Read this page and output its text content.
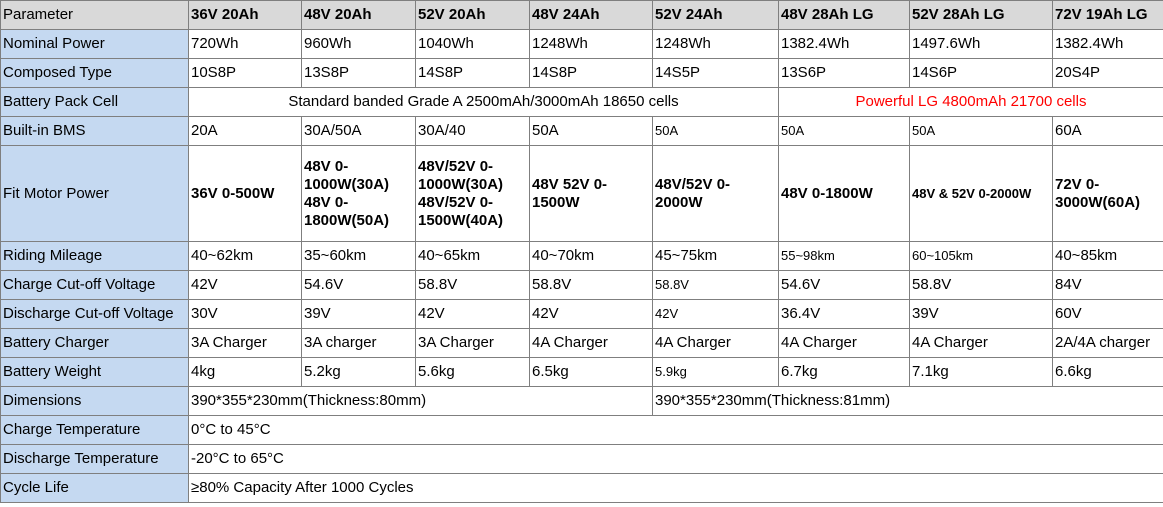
Parameter	36V 20Ah	48V 20Ah	52V 20Ah	48V 24Ah	52V 24Ah	48V 28Ah LG	52V 28Ah LG	72V 19Ah LG
Nominal Power	720Wh	960Wh	1040Wh	1248Wh	1248Wh	1382.4Wh	1497.6Wh	1382.4Wh
Composed Type	10S8P	13S8P	14S8P	14S8P	14S5P	13S6P	14S6P	20S4P
Battery Pack Cell	Standard banded Grade A 2500mAh/3000mAh 18650 cells					Powerful LG 4800mAh 21700 cells		
Built-in BMS	20A	30A/50A	30A/40	50A	50A	50A	50A	60A
Fit Motor Power	36V 0-500W	48V 0-1000W(30A) 48V 0-1800W(50A)	48V/52V 0-1000W(30A) 48V/52V 0-1500W(40A)	48V 52V 0-1500W	48V/52V 0-2000W	48V 0-1800W	48V & 52V 0-2000W	72V 0-3000W(60A)
Riding Mileage	40~62km	35~60km	40~65km	40~70km	45~75km	55~98km	60~105km	40~85km
Charge Cut-off Voltage	42V	54.6V	58.8V	58.8V	58.8V	54.6V	58.8V	84V
Discharge Cut-off Voltage	30V	39V	42V	42V	42V	36.4V	39V	60V
Battery Charger	3A Charger	3A charger	3A Charger	4A Charger	4A Charger	4A Charger	4A Charger	2A/4A charger
Battery Weight	4kg	5.2kg	5.6kg	6.5kg	5.9kg	6.7kg	7.1kg	6.6kg
Dimensions	390*355*230mm(Thickness:80mm)				390*355*230mm(Thickness:81mm)			
Charge Temperature	0°C to 45°C							
Discharge Temperature	-20°C to 65°C							
Cycle Life	≥80% Capacity After 1000 Cycles							
